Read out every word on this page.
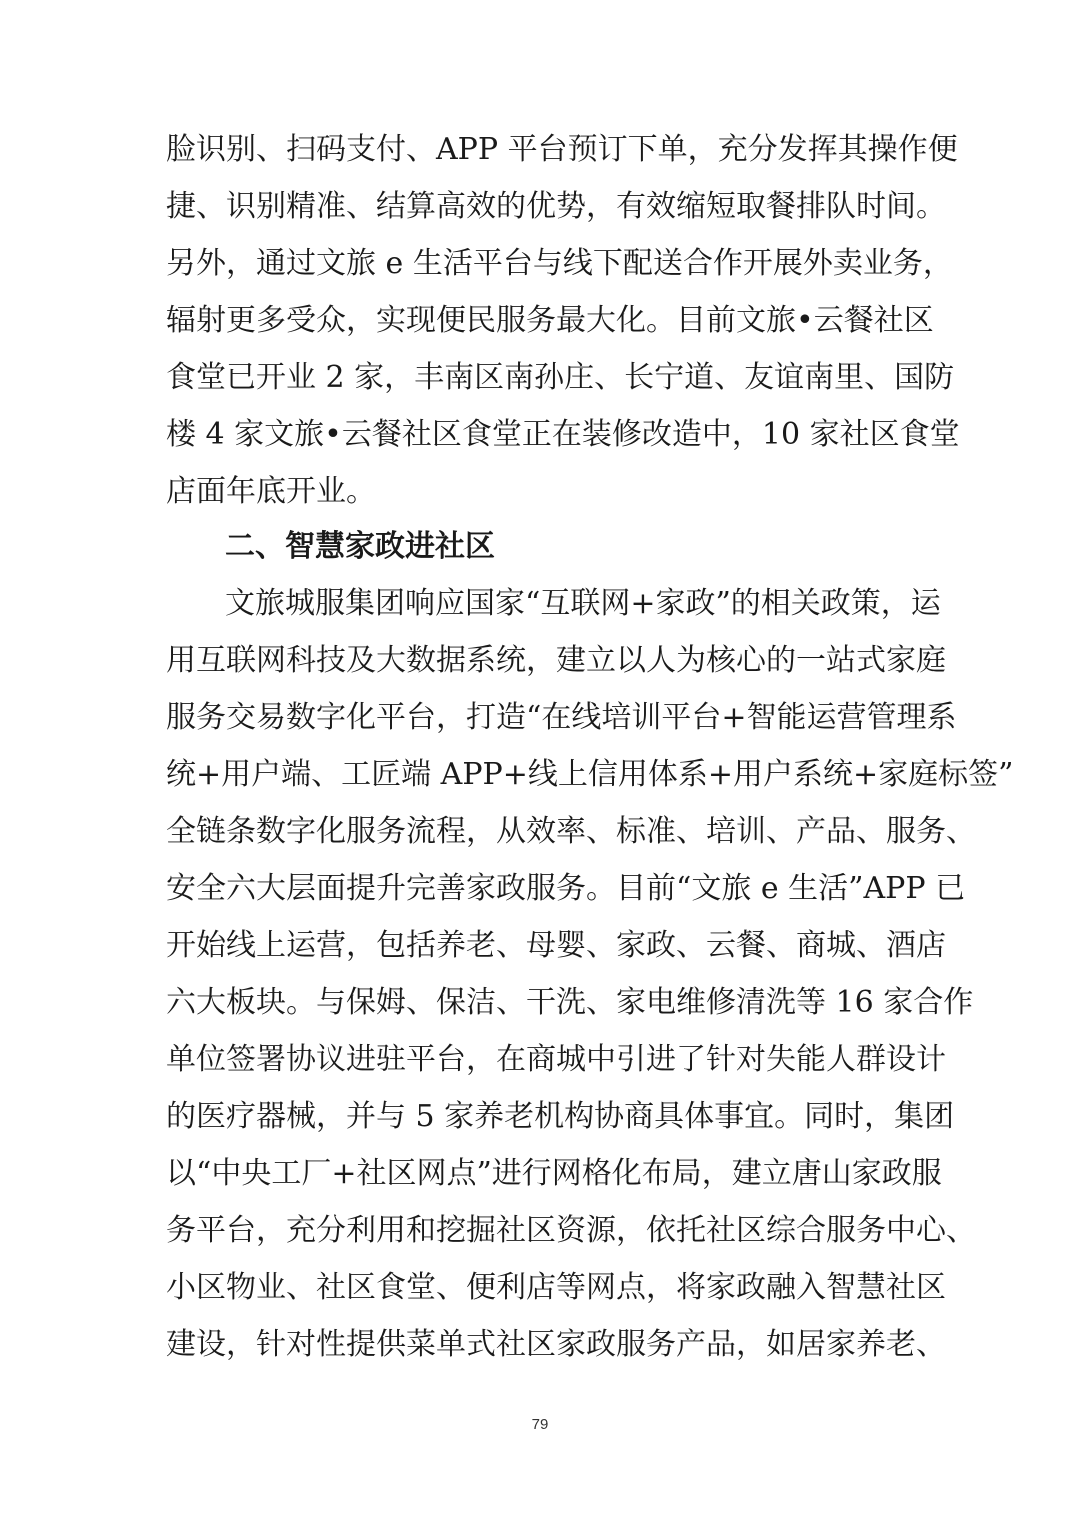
脸识别、扫码支付、APP 平台预订下单，充分发挥其操作便
捷、识别精准、结算高效的优势，有效缩短取餐排队时间。
另外，通过文旅 e 生活平台与线下配送合作开展外卖业务，
辐射更多受众，实现便民服务最大化。目前文旅•云餐社区
食堂已开业 2 家，丰南区南孙庄、长宁道、友谊南里、国防
楼 4 家文旅•云餐社区食堂正在装修改造中，10 家社区食堂
店面年底开业。
二、智慧家政进社区
文旅城服集团响应国家“互联网+家政”的相关政策，运
用互联网科技及大数据系统，建立以人为核心的一站式家庭
服务交易数字化平台，打造“在线培训平台+智能运营管理系
统+用户端、工匠端 APP+线上信用体系+用户系统+家庭标签”
全链条数字化服务流程，从效率、标准、培训、产品、服务、
安全六大层面提升完善家政服务。目前“文旅 e 生活”APP 已
开始线上运营，包括养老、母婴、家政、云餐、商城、酒店
六大板块。与保姆、保洁、干洗、家电维修清洗等 16 家合作
单位签署协议进驻平台，在商城中引进了针对失能人群设计
的医疗器械，并与 5 家养老机构协商具体事宜。同时，集团
以“中央工厂+社区网点”进行网格化布局，建立唐山家政服
务平台，充分利用和挖掘社区资源，依托社区综合服务中心、
小区物业、社区食堂、便利店等网点，将家政融入智慧社区
建设，针对性提供菜单式社区家政服务产品，如居家养老、
79
